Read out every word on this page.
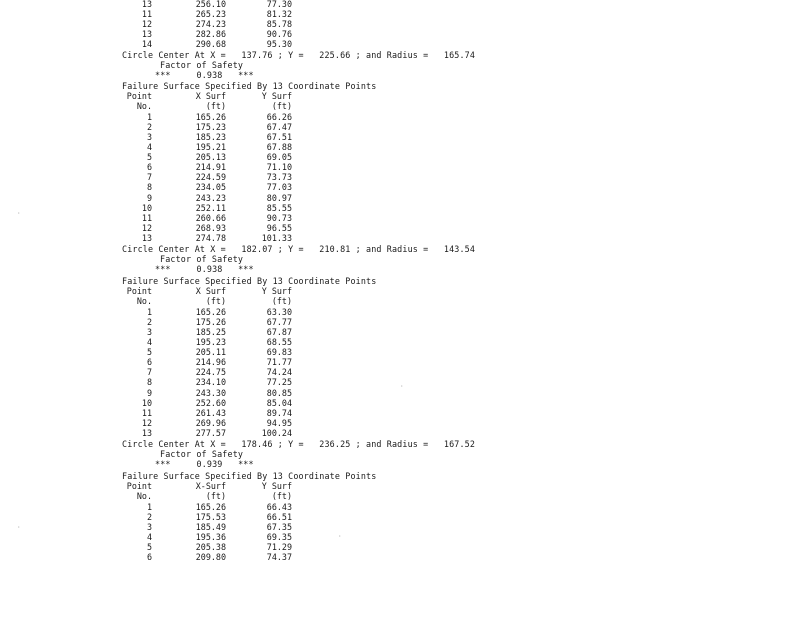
13	256.10	77.30
11	265.23	81.32
12	274.23	85.78
13	282.86	90.76
14	290.68	95.30
Circle Center At X =   137.76 ; Y =   225.66 ; and Radius =   165.74
Factor of Safety
***     0.938   ***
Failure Surface Specified By 13 Coordinate Points
Point	X Surf	Y Surf
No.	(ft)	(ft)
1	165.26	66.26
2	175.23	67.47
3	185.23	67.51
4	195.21	67.88
5	205.13	69.05
6	214.91	71.10
7	224.59	73.73
8	234.05	77.03
9	243.23	80.97
10	252.11	85.55
11	260.66	90.73
12	268.93	96.55
13	274.78	101.33
Circle Center At X =   182.07 ; Y =   210.81 ; and Radius =   143.54
Factor of Safety
***     0.938   ***
Failure Surface Specified By 13 Coordinate Points
Point	X Surf	Y Surf
No.	(ft)	(ft)
1	165.26	63.30
2	175.26	67.77
3	185.25	67.87
4	195.23	68.55
5	205.11	69.83
6	214.96	71.77
7	224.75	74.24
8	234.10	77.25
9	243.30	80.85
10	252.60	85.04
11	261.43	89.74
12	269.96	94.95
13	277.57	100.24
Circle Center At X =   178.46 ; Y =   236.25 ; and Radius =   167.52
Factor of Safety
***     0.939   ***
Failure Surface Specified By 13 Coordinate Points
Point	X-Surf	Y Surf
No.	(ft)	(ft)
1	165.26	66.43
2	175.53	66.51
3	185.49	67.35
4	195.36	69.35
5	205.38	71.29
6	209.80	74.37
·
·
·
·
